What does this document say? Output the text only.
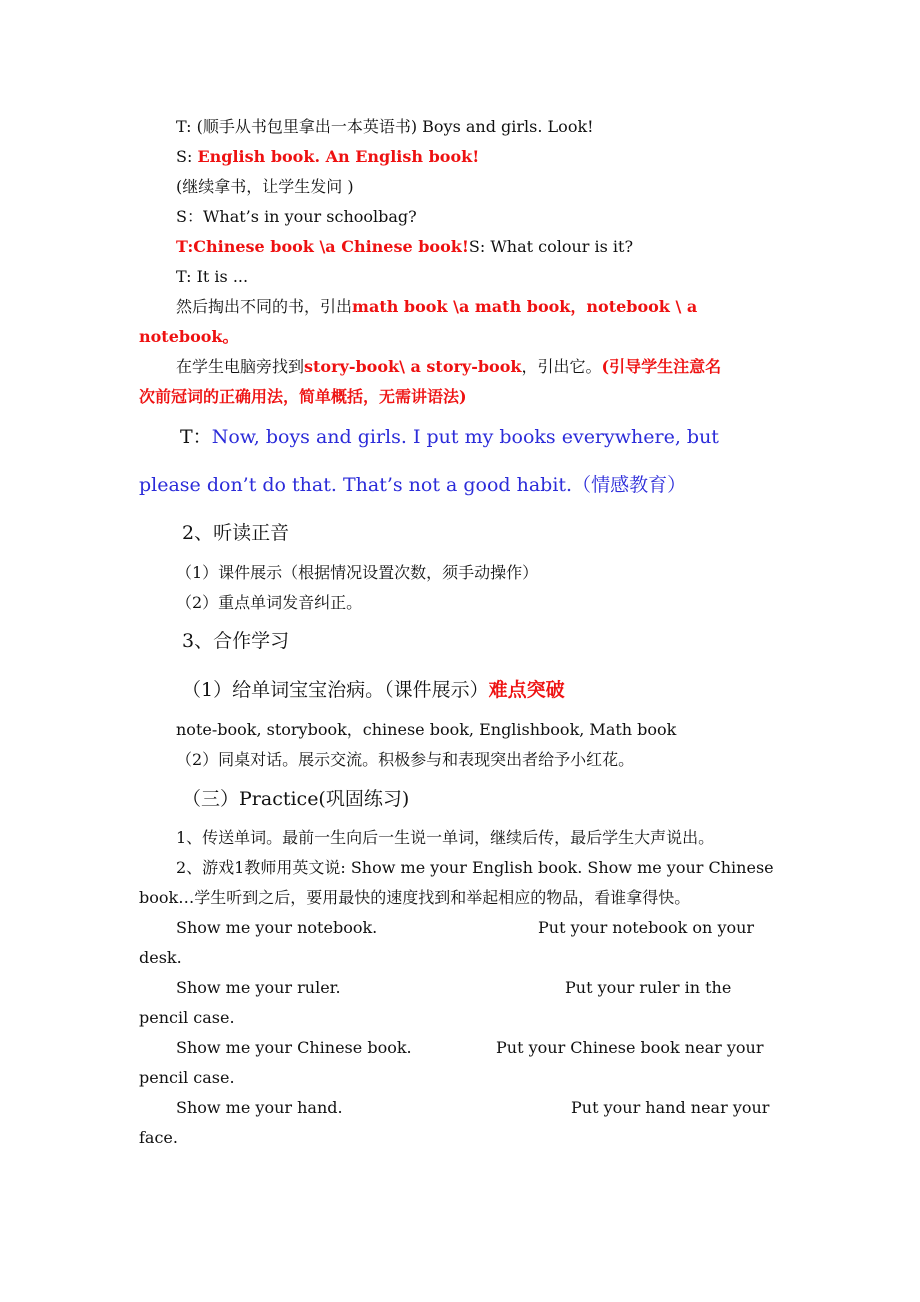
T: (顺手从书包里拿出一本英语书) Boys and girls. Look!
S: English book. An English book!
(继续拿书，让学生发问 )
S：What’s in your schoolbag?
T:Chinese book \a Chinese book!S: What colour is it?
T: It is ...
然后掏出不同的书，引出math book \a math book，notebook \ a
notebook。
在学生电脑旁找到story-book\ a story-book，引出它。(引导学生注意名
次前冠词的正确用法，简单概括，无需讲语法)
T：Now, boys and girls. I put my books everywhere, but
please don’t do that. That’s not a good habit.（情感教育）
2、听读正音
（1）课件展示（根据情况设置次数，须手动操作）
（2）重点单词发音纠正。
3、合作学习
（1）给单词宝宝治病。（课件展示）难点突破
note-book, storybook，chinese book, Englishbook, Math book
（2）同桌对话。展示交流。积极参与和表现突出者给予小红花。
（三）Practice(巩固练习)
1、传送单词。最前一生向后一生说一单词，继续后传，最后学生大声说出。
2、游戏1教师用英文说: Show me your English book. Show me your Chinese
book…学生听到之后，要用最快的速度找到和举起相应的物品，看谁拿得快。
Show me your notebook.	Put your notebook on your
desk.
Show me your ruler.	Put your ruler in the
pencil case.
Show me your Chinese book.	Put your Chinese book near your
pencil case.
Show me your hand.	Put your hand near your
face.
